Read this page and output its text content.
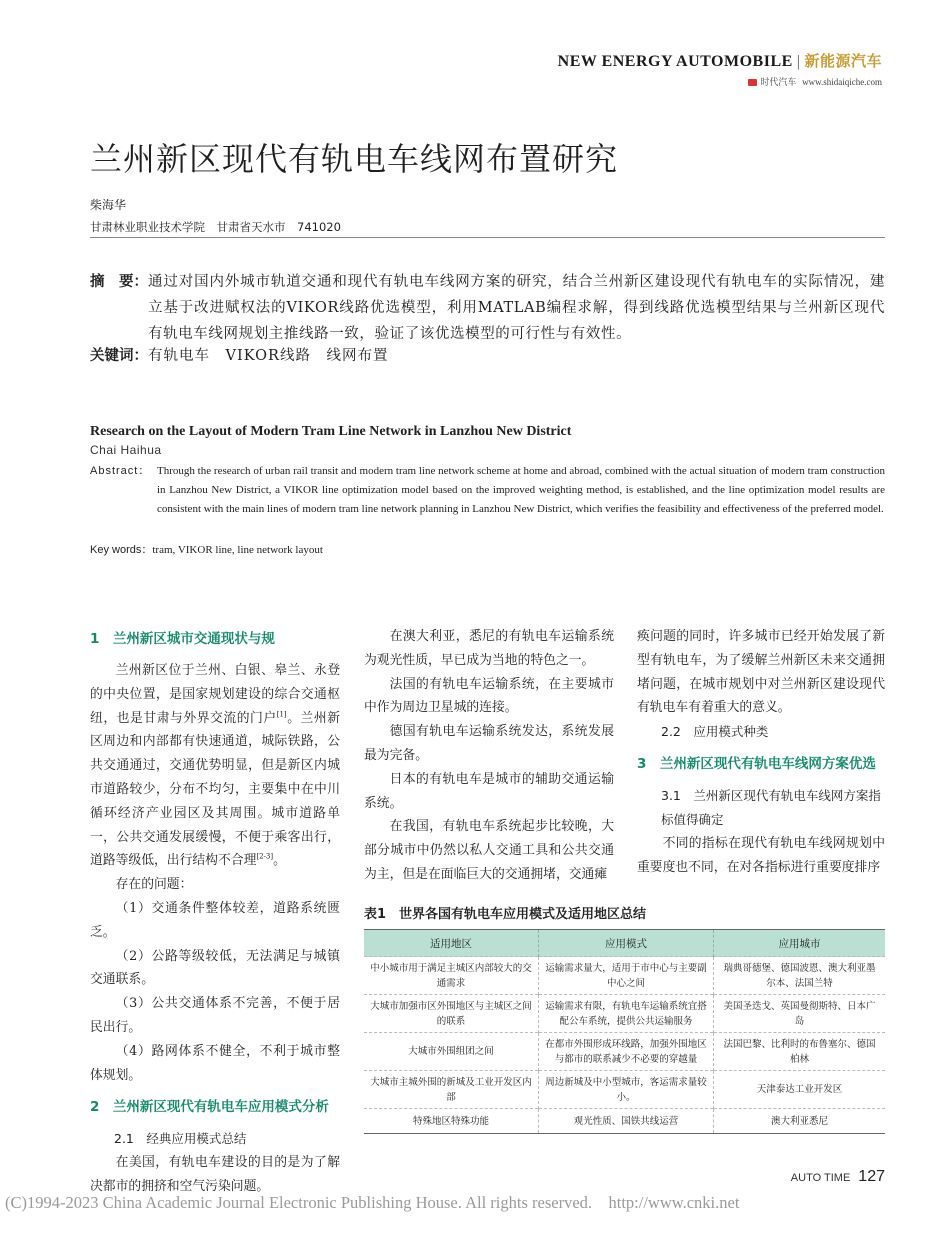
NEW ENERGY AUTOMOBILE | 新能源汽车
时代汽车 www.shidaiqiche.com
兰州新区现代有轨电车线网布置研究
柴海华
甘肃林业职业技术学院　甘肃省天水市　741020
摘　要： 通过对国内外城市轨道交通和现代有轨电车线网方案的研究，结合兰州新区建设现代有轨电车的实际情况，建立基于改进赋权法的VIKOR线路优选模型，利用MATLAB编程求解，得到线路优选模型结果与兰州新区现代有轨电车线网规划主推线路一致，验证了该优选模型的可行性与有效性。
关键词：有轨电车　VIKOR线路　线网布置
Research on the Layout of Modern Tram Line Network in Lanzhou New District
Chai Haihua
Abstract： Through the research of urban rail transit and modern tram line network scheme at home and abroad, combined with the actual situation of modern tram construction in Lanzhou New District, a VIKOR line optimization model based on the improved weighting method, is established, and the line optimization model results are consistent with the main lines of modern tram line network planning in Lanzhou New District, which verifies the feasibility and effectiveness of the preferred model.
Key words：tram, VIKOR line, line network layout
1　兰州新区城市交通现状与规

兰州新区位于兰州、白银、皋兰、永登的中央位置，是国家规划建设的综合交通枢纽，也是甘肃与外界交流的门户[1]。兰州新区周边和内部都有快速通道，城际铁路，公共交通通过，交通优势明显，但是新区内城市道路较少，分布不均匀，主要集中在中川循环经济产业园区及其周围。城市道路单一，公共交通发展缓慢，不便于乘客出行，道路等级低，出行结构不合理[2-3]。

存在的问题：

（1）交通条件整体较差，道路系统匮乏。

（2）公路等级较低，无法满足与城镇交通联系。

（3）公共交通体系不完善，不便于居民出行。

（4）路网体系不健全，不利于城市整体规划。

2　兰州新区现代有轨电车应用模式分析
2.1　经典应用模式总结

在美国，有轨电车建设的目的是为了解决都市的拥挤和空气污染问题。

在澳大利亚，悉尼的有轨电车运输系统为观光性质，早已成为当地的特色之一。

法国的有轨电车运输系统，在主要城市中作为周边卫星城的连接。

德国有轨电车运输系统发达，系统发展最为完备。

日本的有轨电车是城市的辅助交通运输系统。

在我国，有轨电车系统起步比较晚，大部分城市中仍然以私人交通工具和公共交通为主，但是在面临巨大的交通拥堵，交通瘫

痪问题的同时，许多城市已经开始发展了新型有轨电车，为了缓解兰州新区未来交通拥堵问题，在城市规划中对兰州新区建设现代有轨电车有着重大的意义。

2.2　应用模式种类
3　兰州新区现代有轨电车线网方案优选
3.1　兰州新区现代有轨电车线网方案指标值得确定

不同的指标在现代有轨电车线网规划中重要度也不同，在对各指标进行重要度排序

表1　世界各国有轨电车应用模式及适用地区总结
适用地区	应用模式	应用城市
中小城市用于满足主城区内部较大的交通需求	运输需求量大，适用于市中心与主要副中心之间	瑞典哥德堡、德国波恩、澳大利亚墨尔本、法国兰特
大城市加强市区外围地区与主城区之间的联系	运输需求有限，有轨电车运输系统宜搭配公车系统，提供公共运输服务	美国圣迭戈、英国曼彻斯特、日本广岛
大城市外围组团之间	在都市外围形成环线路，加强外围地区与都市的联系减少不必要的穿越量	法国巴黎、比利时的布鲁塞尔、德国柏林
大城市主城外围的新城及工业开发区内部	周边新城及中小型城市，客运需求量较小。	天津泰达工业开发区
特殊地区特殊功能	观光性质、国铁共线运营	澳大利亚悉尼
AUTO TIME 127
(C)1994-2023 China Academic Journal Electronic Publishing House. All rights reserved.　http://www.cnki.net
